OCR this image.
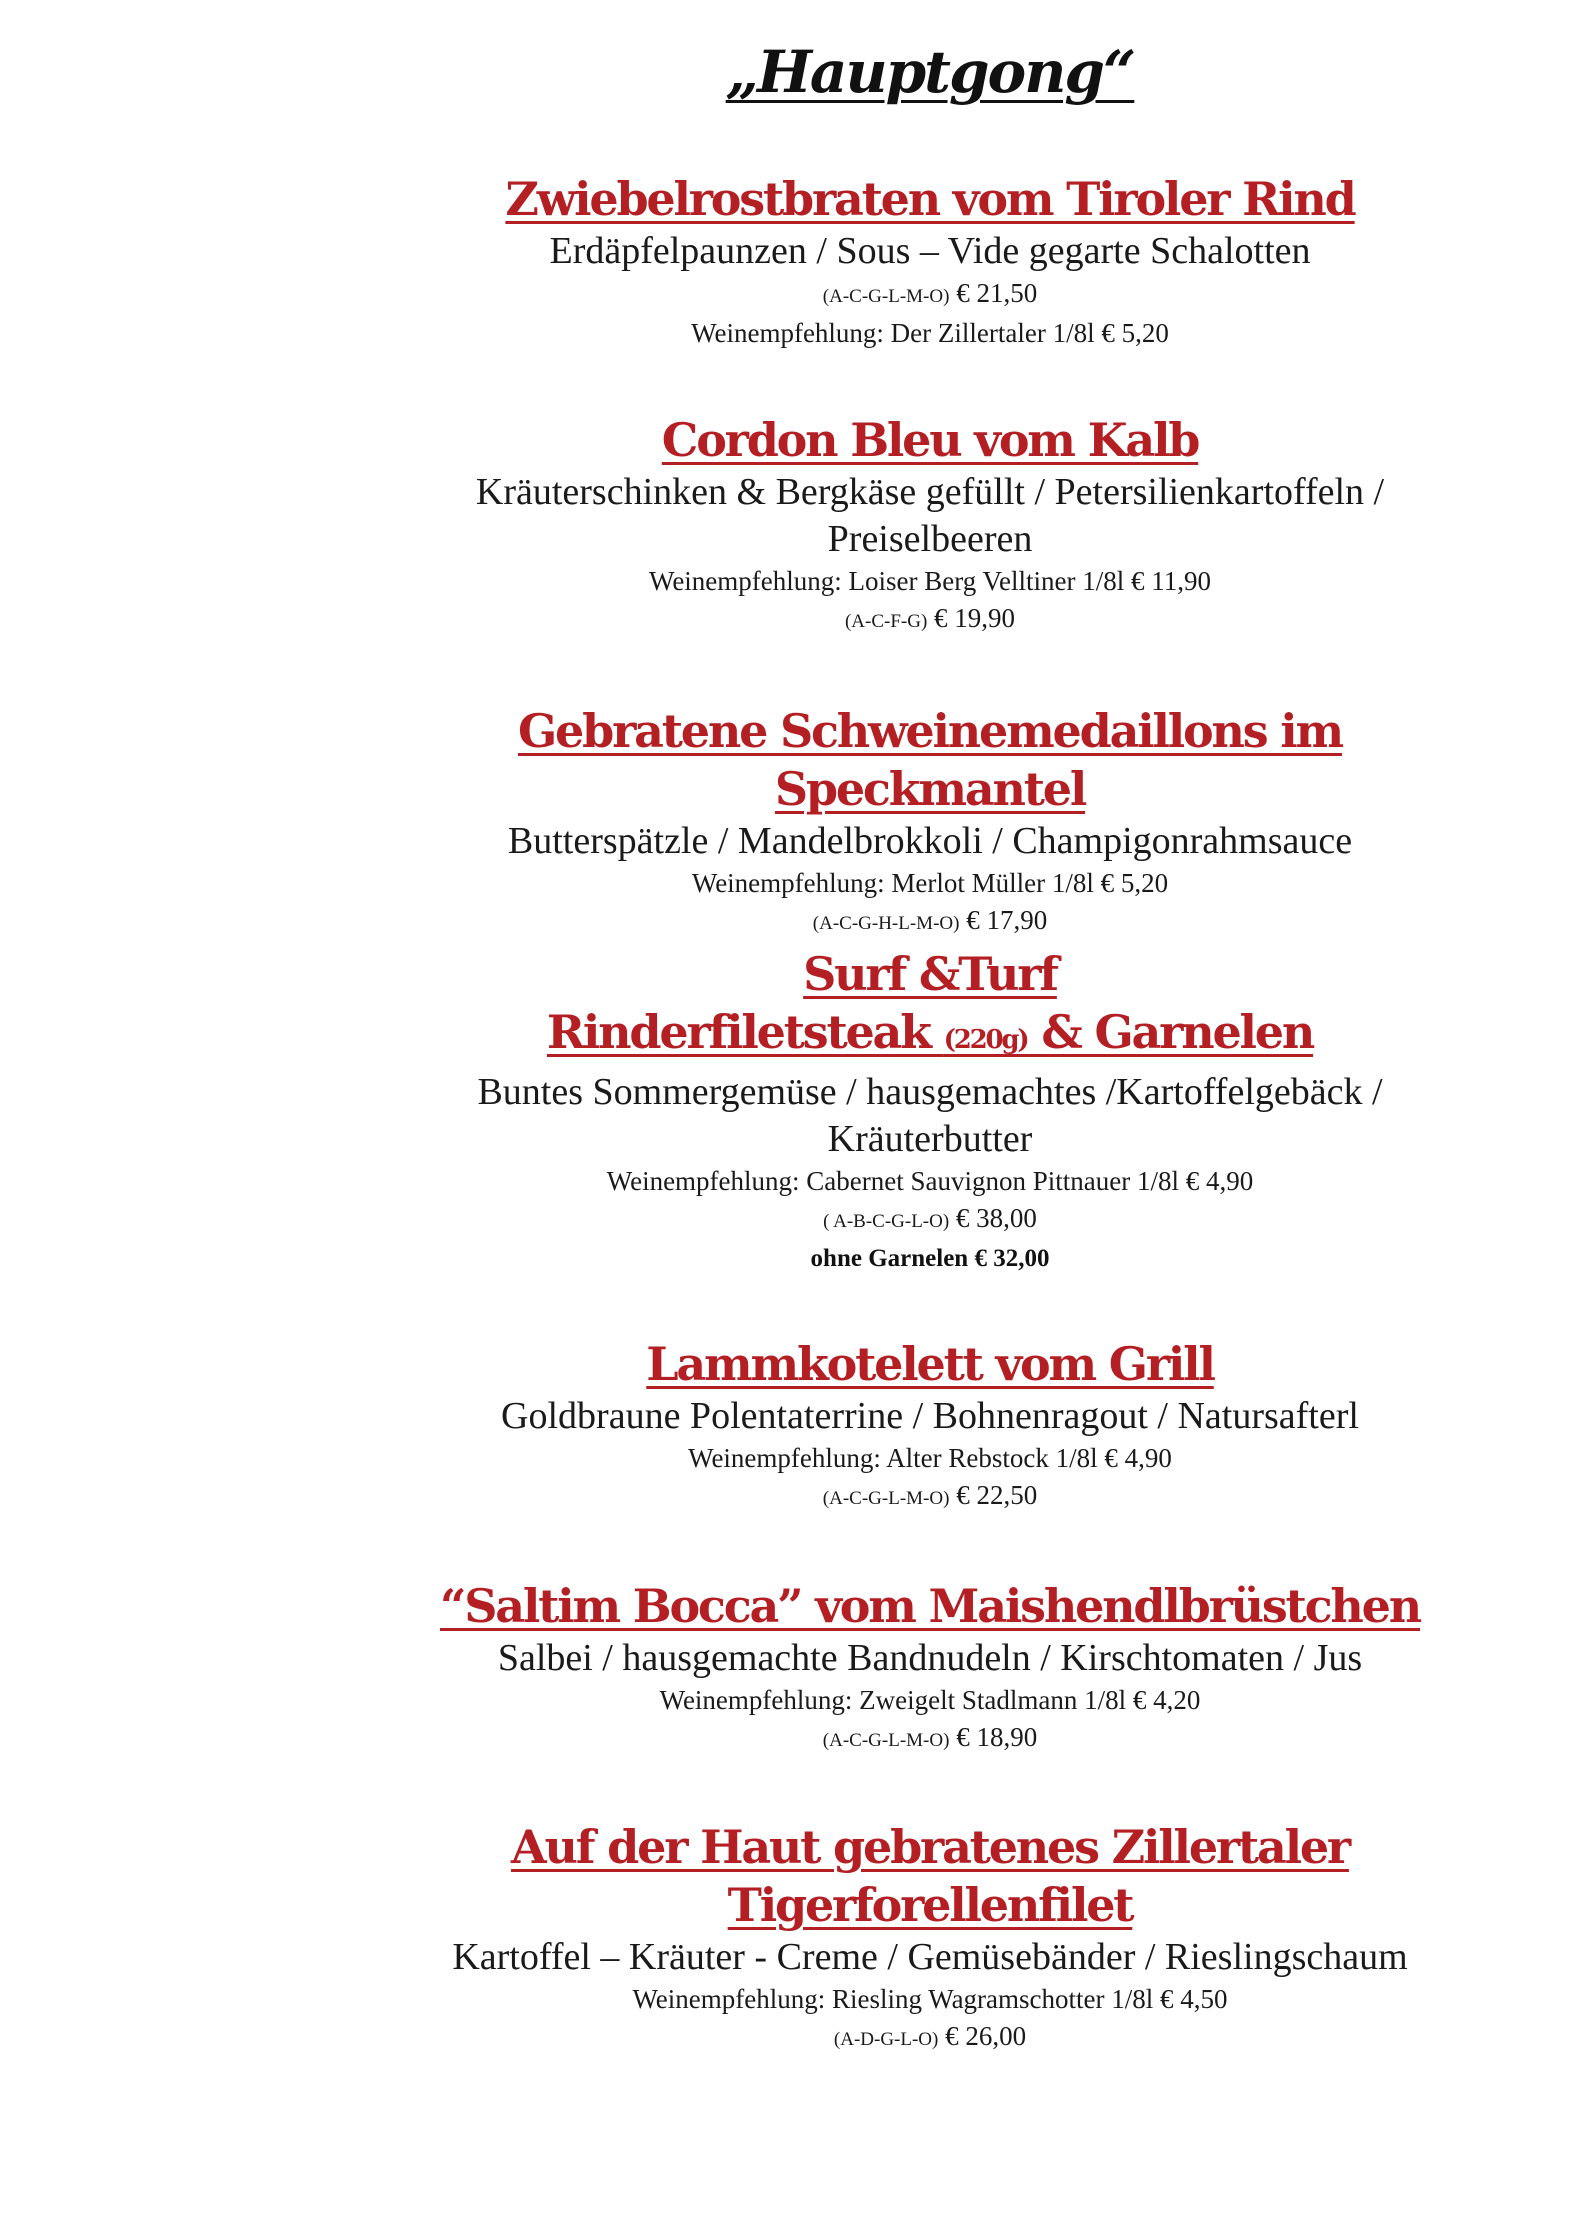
„Hauptgong“

Zwiebelrostbraten vom Tiroler Rind

Erdäpfelpaunzen / Sous – Vide gegarte Schalotten

(A-C-G-L-M-O) € 21,50

Weinempfehlung: Der Zillertaler 1/8l € 5,20

Cordon Bleu vom Kalb

Kräuterschinken & Bergkäse gefüllt / Petersilienkartoffeln /

Preiselbeeren

Weinempfehlung: Loiser Berg Velltiner 1/8l € 11,90

(A-C-F-G) € 19,90

Gebratene Schweinemedaillons im Speckmantel

Butterspätzle / Mandelbrokkoli / Champigonrahmsauce

Weinempfehlung: Merlot Müller 1/8l € 5,20

(A-C-G-H-L-M-O) € 17,90

Surf &Turf

Rinderfiletsteak (220g) & Garnelen

Buntes Sommergemüse / hausgemachtes /Kartoffelgebäck /

Kräuterbutter

Weinempfehlung: Cabernet Sauvignon Pittnauer 1/8l € 4,90

( A-B-C-G-L-O) € 38,00

ohne Garnelen € 32,00

Lammkotelett vom Grill

Goldbraune Polentaterrine / Bohnenragout / Natursafterl

Weinempfehlung: Alter Rebstock 1/8l € 4,90

(A-C-G-L-M-O) € 22,50

“Saltim Bocca” vom Maishendlbrüstchen

Salbei / hausgemachte Bandnudeln / Kirschtomaten / Jus

Weinempfehlung: Zweigelt Stadlmann 1/8l € 4,20

(A-C-G-L-M-O) € 18,90

Auf der Haut gebratenes Zillertaler Tigerforellenfilet

Kartoffel – Kräuter - Creme / Gemüsebänder / Rieslingschaum

Weinempfehlung: Riesling Wagramschotter 1/8l € 4,50

(A-D-G-L-O) € 26,00
